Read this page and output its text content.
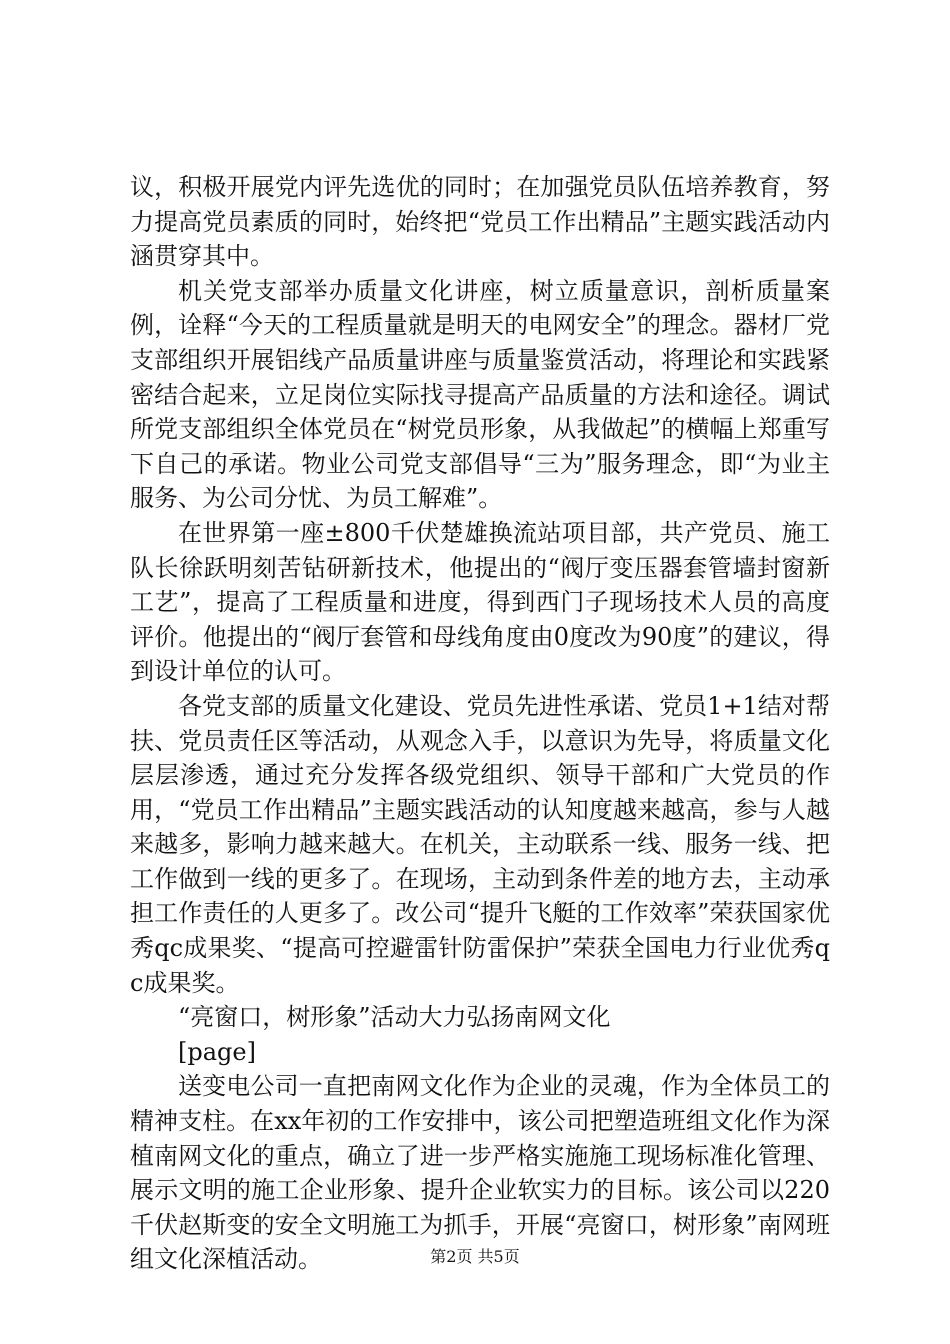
议，积极开展党内评先选优的同时；在加强党员队伍培养教育，努力提高党员素质的同时，始终把“党员工作出精品”主题实践活动内涵贯穿其中。

机关党支部举办质量文化讲座，树立质量意识，剖析质量案例，诠释“今天的工程质量就是明天的电网安全”的理念。器材厂党支部组织开展铝线产品质量讲座与质量鉴赏活动，将理论和实践紧密结合起来，立足岗位实际找寻提高产品质量的方法和途径。调试所党支部组织全体党员在“树党员形象，从我做起”的横幅上郑重写下自己的承诺。物业公司党支部倡导“三为”服务理念，即“为业主服务、为公司分忧、为员工解难”。

在世界第一座±800千伏楚雄换流站项目部，共产党员、施工队长徐跃明刻苦钻研新技术，他提出的“阀厅变压器套管墙封窗新工艺”，提高了工程质量和进度，得到西门子现场技术人员的高度评价。他提出的“阀厅套管和母线角度由0度改为90度”的建议，得到设计单位的认可。

各党支部的质量文化建设、党员先进性承诺、党员1+1结对帮扶、党员责任区等活动，从观念入手，以意识为先导，将质量文化层层渗透，通过充分发挥各级党组织、领导干部和广大党员的作用，“党员工作出精品”主题实践活动的认知度越来越高，参与人越来越多，影响力越来越大。在机关，主动联系一线、服务一线、把工作做到一线的更多了。在现场，主动到条件差的地方去，主动承担工作责任的人更多了。改公司“提升飞艇的工作效率”荣获国家优秀qc成果奖、“提高可控避雷针防雷保护”荣获全国电力行业优秀qc成果奖。

“亮窗口，树形象”活动大力弘扬南网文化

[page]

送变电公司一直把南网文化作为企业的灵魂，作为全体员工的精神支柱。在xx年初的工作安排中，该公司把塑造班组文化作为深植南网文化的重点，确立了进一步严格实施施工现场标准化管理、展示文明的施工企业形象、提升企业软实力的目标。该公司以220千伏赵斯变的安全文明施工为抓手，开展“亮窗口，树形象”南网班组文化深植活动。	第2页 共5页
